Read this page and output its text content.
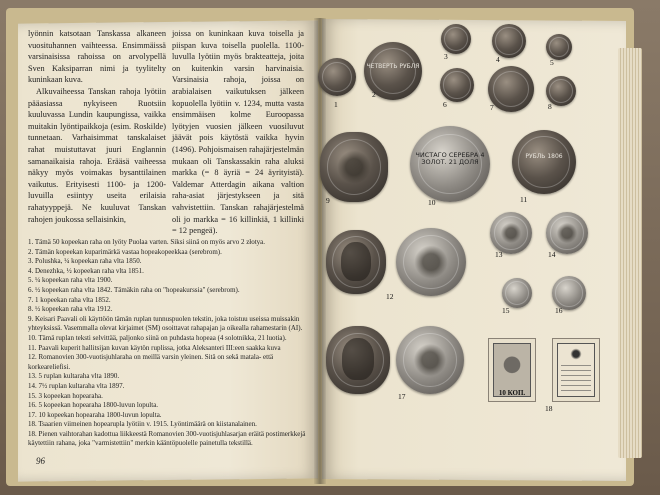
lyönnin katsotaan Tanskassa alkaneen vuosituhannen vaihteessa. Ensimmäissä varsinaisissa rahoissa on arvolypellä Sven Kaksiparran nimi ja tyylitelty kuninkaan kuva.

Alkuvaiheessa Tanskan rahoja lyötiin pääasiassa nykyiseen Ruotsiin kuuluvassa Lundin kaupungissa, vaikka muitakin lyöntipaikkoja (esim. Roskilde) tunnetaan. Varhaisimmat tanskalaiset rahat muistuttavat juuri Englannin samanaikaisia rahoja. Erääsä vaiheessa näkyy myös voimakas bysanttilainen vaikutus. Erityisesti 1100- ja 1200-luvuilla esiintyy useita erilaisia rahatyyppejä. Ne kuuluvat Tanskan rahojen joukossa sellaisinkin,

joissa on kuninkaan kuva toisella ja piispan kuva toisella puolella. 1100-luvulla lyötiin myös brakteatteja, joita on kuitenkin varsin harvinaisia. Varsinaisia rahoja, joissa on arabialaisen vaikutuksen jälkeen kopuolella lyötiin v. 1234, mutta vasta ensimmäisen kolme Euroopassa lyötyjen vuosien jälkeen vuosiluvut jäävät pois käytöstä vaikka hyvin (1496). Pohjoismaisen rahajärjestelmän mukaan oli Tanskassakin raha aluksi markka (= 8 äyriä = 24 äyrityistä). Valdemar Atterdagin aikana valtion raha-asiat järjestykseen ja sitä vahvistettiin. Tanskan rahajärjestelmä oli jo markka = 16 killinkiä, 1 killinki = 12 pengeä).

1. Tämä 50 kopeekan raha on lyöty Puolaa varten. Siksi siinä on myös arvo 2 złotya.
2. Tämän kopeekan kuparimärkä vastaa hopeakopeekkaa (serebrom).
3. Polushka, ¼ kopeekan raha vlta 1850.
4. Denezhka, ½ kopeekan raha vlta 1851.
5. ¼ kopeekan raha vlta 1900.
6. ½ kopeekan raha vlta 1842. Tämäkin raha on "hopeakurssia" (serebrom).
7. 1 kopeekan raha vlta 1852.
8. ½ kopeekan raha vlta 1912.
9. Keisari Paavali oli käyttöön tämän ruplan tunnuspuolen tekstin, joka toistuu useissa muissakin yhteyksissä. Vasemmalla olevat kirjaimet (SM) osoittavat rahapajan ja oikealla rahamestarin (AI).
10. Tämä ruplan teksti selvittää, paljonko siinä on puhdasta hopeaa (4 solotnikka, 21 luotia).
11. Paavali kuperit hallitsijan kuvan käytön ruplissa, jotka Aleksanteri III:een saakka kuva
12. Romanovien 300-vuotisjuhlaraha on meillä varsin yleinen. Sitä on sekä matala- että korkeareliefisi.
13. 5 ruplan kultaraha vlta 1890.
14. 7½ ruplan kultaraha vlta 1897.
15. 3 kopeekan hopearaha.
16. 5 kopeekan hopearaha 1800-luvun lopulta.
17. 10 kopeekan hopearaha 1800-luvun lopulta.
18. Tsaarien viimeinen hopearupla lyötiin v. 1915. Lyöntimäärä on kiistanalainen.
18. Pienen vaihtorahan kadottua liikkeestä Romanovien 300-vuotisjuhlasarjan eräitä postimerkkejä käytettiin rahana, joka "varmistettiin" merkin kääntöpuolelle painetulla tekstillä.
96
1
ЧЕТВЕРТЬ РУБЛЯ
2
3	4	5
6	7	8
9
ЧИСТАГО СЕРЕБРА 4 ЗОЛОТ. 21 ДОЛЯ
10
РУБЛЬ 1806
11
12
13	14
15	16
17	10 КОП.
18
